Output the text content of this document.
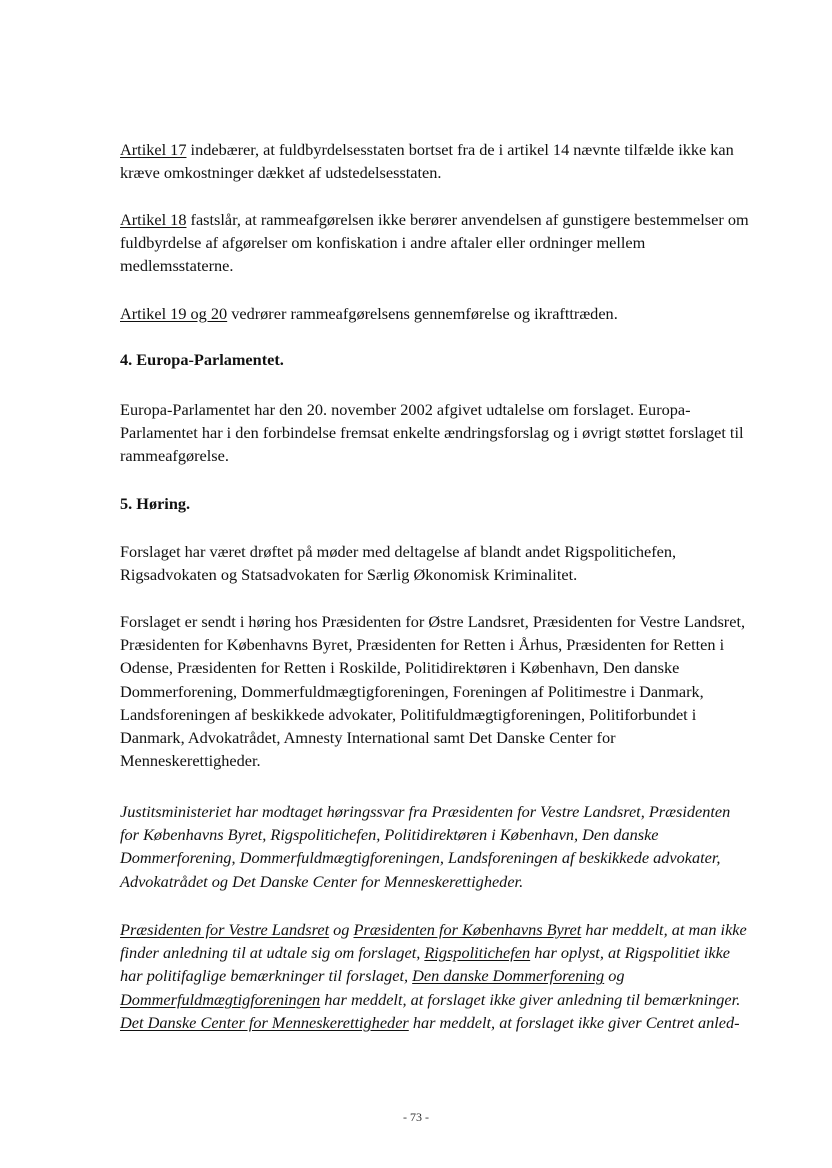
Artikel 17 indebærer, at fuldbyrdelsesstaten bortset fra de i artikel 14 nævnte tilfælde ikke kan kræve omkostninger dækket af udstedelsesstaten.

Artikel 18 fastslår, at rammeafgørelsen ikke berører anvendelsen af gunstigere bestemmelser om fuldbyrdelse af afgørelser om konfiskation i andre aftaler eller ordninger mellem medlemsstaterne.

Artikel 19 og 20 vedrører rammeafgørelsens gennemførelse og ikrafttræden.

4. Europa-Parlamentet.

Europa-Parlamentet har den 20. november 2002 afgivet udtalelse om forslaget. Europa-Parlamentet har i den forbindelse fremsat enkelte ændringsforslag og i øvrigt støttet forslaget til rammeafgørelse.

5. Høring.

Forslaget har været drøftet på møder med deltagelse af blandt andet Rigspolitichefen, Rigsadvokaten og Statsadvokaten for Særlig Økonomisk Kriminalitet.

Forslaget er sendt i høring hos Præsidenten for Østre Landsret, Præsidenten for Vestre Landsret, Præsidenten for Københavns Byret, Præsidenten for Retten i Århus, Præsidenten for Retten i Odense, Præsidenten for Retten i Roskilde, Politidirektøren i København, Den danske Dommerforening, Dommerfuldmægtigforeningen, Foreningen af Politimestre i Danmark, Landsforeningen af beskikkede advokater, Politifuldmægtigforeningen, Politiforbundet i Danmark, Advokatrådet, Amnesty International samt Det Danske Center for Menneskerettigheder.

Justitsministeriet har modtaget høringssvar fra Præsidenten for Vestre Landsret, Præsidenten for Københavns Byret, Rigspolitichefen, Politidirektøren i København, Den danske Dommerforening, Dommerfuldmægtigforeningen, Landsforeningen af beskikkede advokater, Advokatrådet og Det Danske Center for Menneskerettigheder.

Præsidenten for Vestre Landsret og Præsidenten for Københavns Byret har meddelt, at man ikke finder anledning til at udtale sig om forslaget, Rigspolitichefen har oplyst, at Rigspolitiet ikke har politifaglige bemærkninger til forslaget, Den danske Dommerforening og Dommerfuldmægtigforeningen har meddelt, at forslaget ikke giver anledning til bemærkninger. Det Danske Center for Menneskerettigheder har meddelt, at forslaget ikke giver Centret anled-

- 73 -
